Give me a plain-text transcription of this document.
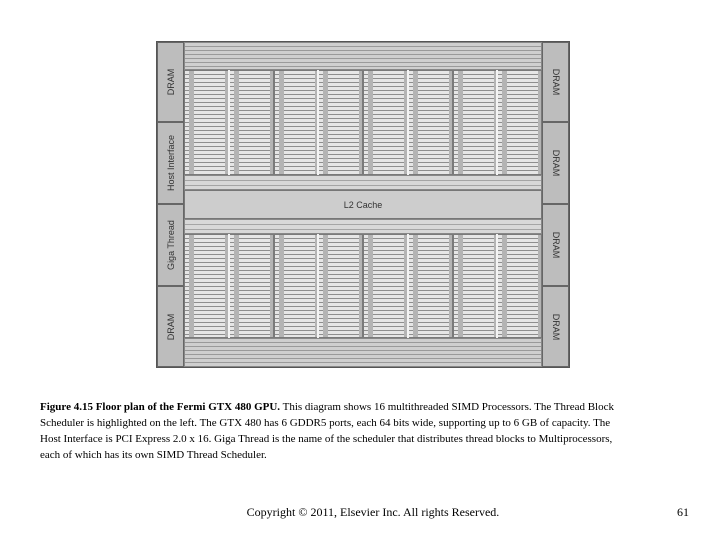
DRAM
Host Interface
Giga Thread
DRAM
DRAM
DRAM
DRAM
DRAM
L2 Cache
Figure 4.15 Floor plan of the Fermi GTX 480 GPU. This diagram shows 16 multithreaded SIMD Processors. The Thread Block Scheduler is highlighted on the left. The GTX 480 has 6 GDDR5 ports, each 64 bits wide, supporting up to 6 GB of capacity. The Host Interface is PCI Express 2.0 x 16. Giga Thread is the name of the scheduler that distributes thread blocks to Multiprocessors, each of which has its own SIMD Thread Scheduler.
Copyright © 2011, Elsevier Inc. All rights Reserved.	61
